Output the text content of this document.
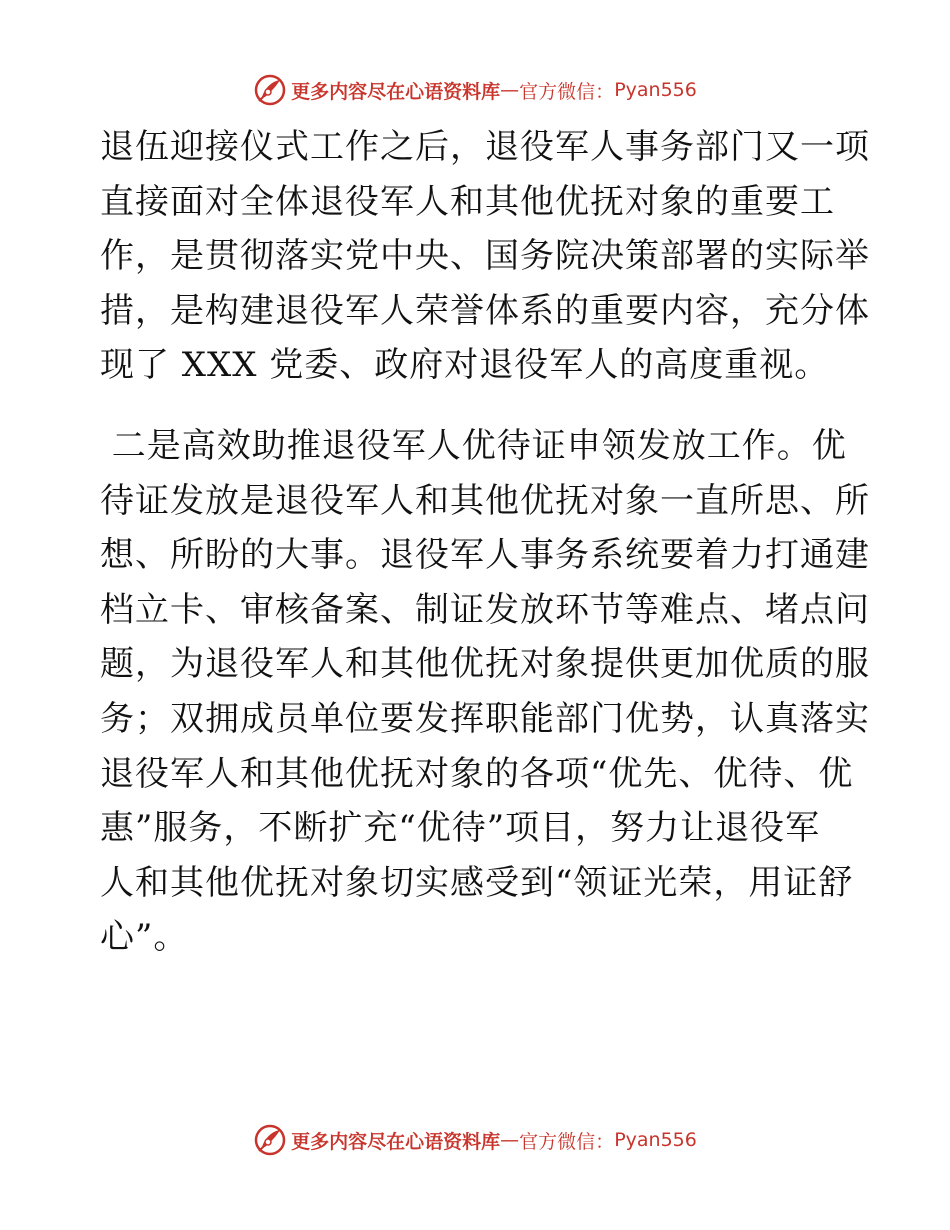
更多内容尽在心语资料库 — 官方微信： Pyan556
退伍迎接仪式工作之后，退役军人事务部门又一项
直接面对全体退役军人和其他优抚对象的重要工
作，是贯彻落实党中央、国务院决策部署的实际举
措，是构建退役军人荣誉体系的重要内容，充分体
现了 XXX 党委、政府对退役军人的高度重视。
二是高效助推退役军人优待证申领发放工作。优
待证发放是退役军人和其他优抚对象一直所思、所
想、所盼的大事。退役军人事务系统要着力打通建
档立卡、审核备案、制证发放环节等难点、堵点问
题，为退役军人和其他优抚对象提供更加优质的服
务；双拥成员单位要发挥职能部门优势，认真落实
退役军人和其他优抚对象的各项“优先、优待、优
惠”服务，不断扩充“优待”项目，努力让退役军
人和其他优抚对象切实感受到“领证光荣，用证舒
心”。
更多内容尽在心语资料库 — 官方微信： Pyan556
